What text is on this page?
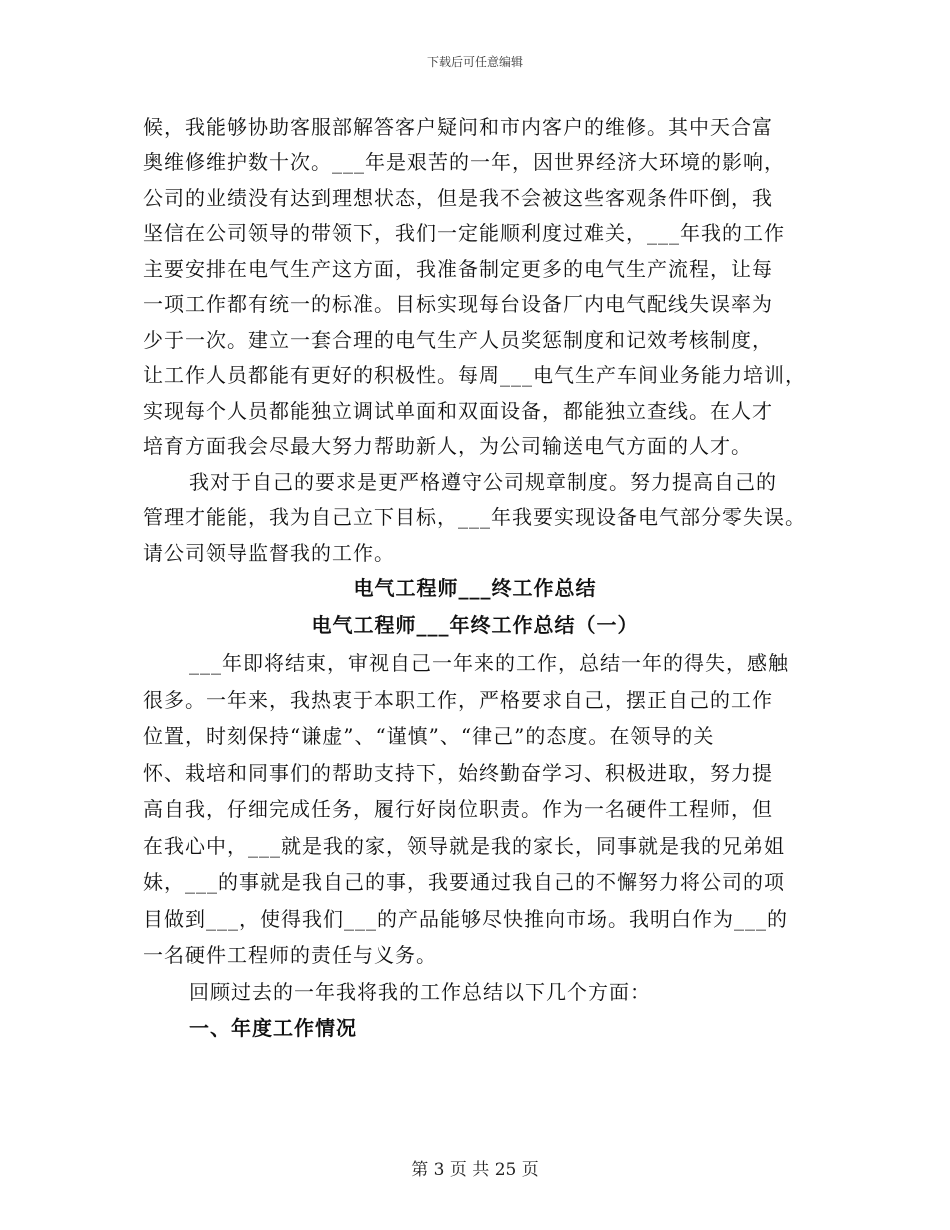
下载后可任意编辑
候，我能够协助客服部解答客户疑问和市内客户的维修。其中天合富
奥维修维护数十次。___年是艰苦的一年，因世界经济大环境的影响，
公司的业绩没有达到理想状态，但是我不会被这些客观条件吓倒，我
坚信在公司领导的带领下，我们一定能顺利度过难关，___年我的工作
主要安排在电气生产这方面，我准备制定更多的电气生产流程，让每
一项工作都有统一的标准。目标实现每台设备厂内电气配线失误率为
少于一次。建立一套合理的电气生产人员奖惩制度和记效考核制度，
让工作人员都能有更好的积极性。每周___电气生产车间业务能力培训，
实现每个人员都能独立调试单面和双面设备，都能独立查线。在人才
培育方面我会尽最大努力帮助新人，为公司输送电气方面的人才。
我对于自己的要求是更严格遵守公司规章制度。努力提高自己的
管理才能能，我为自己立下目标，___年我要实现设备电气部分零失误。
请公司领导监督我的工作。
电气工程师___终工作总结
电气工程师___年终工作总结（一）
___年即将结束，审视自己一年来的工作，总结一年的得失，感触
很多。一年来，我热衷于本职工作，严格要求自己，摆正自己的工作
位置，时刻保持“谦虚”、“谨慎”、“律己”的态度。在领导的关
怀、栽培和同事们的帮助支持下，始终勤奋学习、积极进取，努力提
高自我，仔细完成任务，履行好岗位职责。作为一名硬件工程师，但
在我心中，___就是我的家，领导就是我的家长，同事就是我的兄弟姐
妹，___的事就是我自己的事，我要通过我自己的不懈努力将公司的项
目做到___，使得我们___的产品能够尽快推向市场。我明白作为___的
一名硬件工程师的责任与义务。
回顾过去的一年我将我的工作总结以下几个方面：
一、年度工作情况
第 3 页 共 25 页
